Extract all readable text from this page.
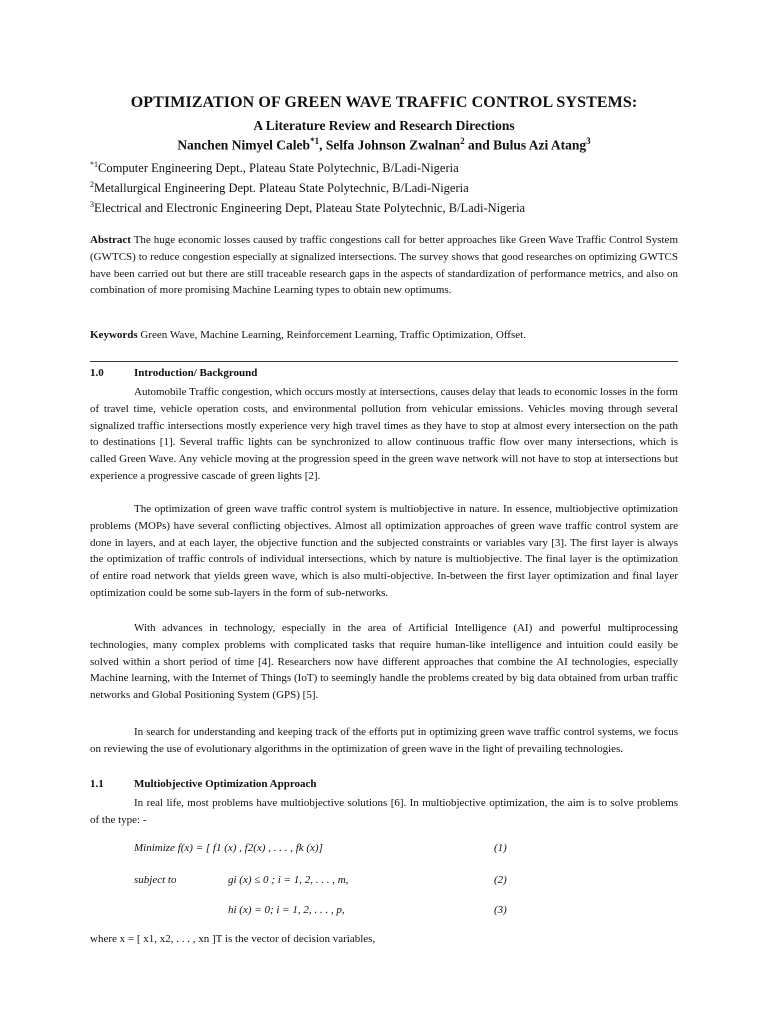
OPTIMIZATION OF GREEN WAVE TRAFFIC CONTROL SYSTEMS:
A Literature Review and Research Directions
Nanchen Nimyel Caleb$^{*1}$, Selfa Johnson Zwalnan$^2$ and Bulus Azi Atang$^3$
$^{*1}$Computer Engineering Dept., Plateau State Polytechnic, B/Ladi-Nigeria
$^2$Metallurgical Engineering Dept. Plateau State Polytechnic, B/Ladi-Nigeria
$^3$Electrical and Electronic Engineering Dept, Plateau State Polytechnic, B/Ladi-Nigeria
Abstract The huge economic losses caused by traffic congestions call for better approaches like Green Wave Traffic Control System (GWTCS) to reduce congestion especially at signalized intersections. The survey shows that good researches on optimizing GWTCS have been carried out but there are still traceable research gaps in the aspects of standardization of performance metrics, and also on combination of more promising Machine Learning types to obtain new optimums.
Keywords Green Wave, Machine Learning, Reinforcement Learning, Traffic Optimization, Offset.
1.0	Introduction/ Background

Automobile Traffic congestion, which occurs mostly at intersections, causes delay that leads to economic losses in the form of travel time, vehicle operation costs, and environmental pollution from vehicular emissions. Vehicles moving through several signalized traffic intersections mostly experience very high travel times as they have to stop at almost every intersection on the path to destinations [1]. Several traffic lights can be synchronized to allow continuous traffic flow over many intersections, which is called Green Wave. Any vehicle moving at the progression speed in the green wave network will not have to stop at intersections but experience a progressive cascade of green lights [2].

The optimization of green wave traffic control system is multiobjective in nature. In essence, multiobjective optimization problems (MOPs) have several conflicting objectives. Almost all optimization approaches of green wave traffic control system are done in layers, and at each layer, the objective function and the subjected constraints or variables vary [3]. The first layer is always the optimization of traffic controls of individual intersections, which by nature is multiobjective. The final layer is the optimization of entire road network that yields green wave, which is also multi-objective. In-between the first layer optimization and final layer optimization could be some sub-layers in the form of sub-networks.

With advances in technology, especially in the area of Artificial Intelligence (AI) and powerful multiprocessing technologies, many complex problems with complicated tasks that require human-like intelligence and intuition could easily be solved within a short period of time [4]. Researchers now have different approaches that combine the AI technologies, especially Machine learning, with the Internet of Things (IoT) to seemingly handle the problems created by big data obtained from urban traffic networks and Global Positioning System (GPS) [5].

In search for understanding and keeping track of the efforts put in optimizing green wave traffic control systems, we focus on reviewing the use of evolutionary algorithms in the optimization of green wave in the light of prevailing technologies.

1.1	Multiobjective Optimization Approach

In real life, most problems have multiobjective solutions [6]. In multiobjective optimization, the aim is to solve problems of the type: -

Minimize f(x) = [ f1 (x) , f2(x) , . . . , fk (x)]	(1)
subject to	gi (x) ≤ 0 ; i = 1, 2, . . . , m,	(2)
hi (x) = 0; i = 1, 2, . . . , p,	(3)
where x = [ x1, x2, . . . , xn ]T is the vector of decision variables,
